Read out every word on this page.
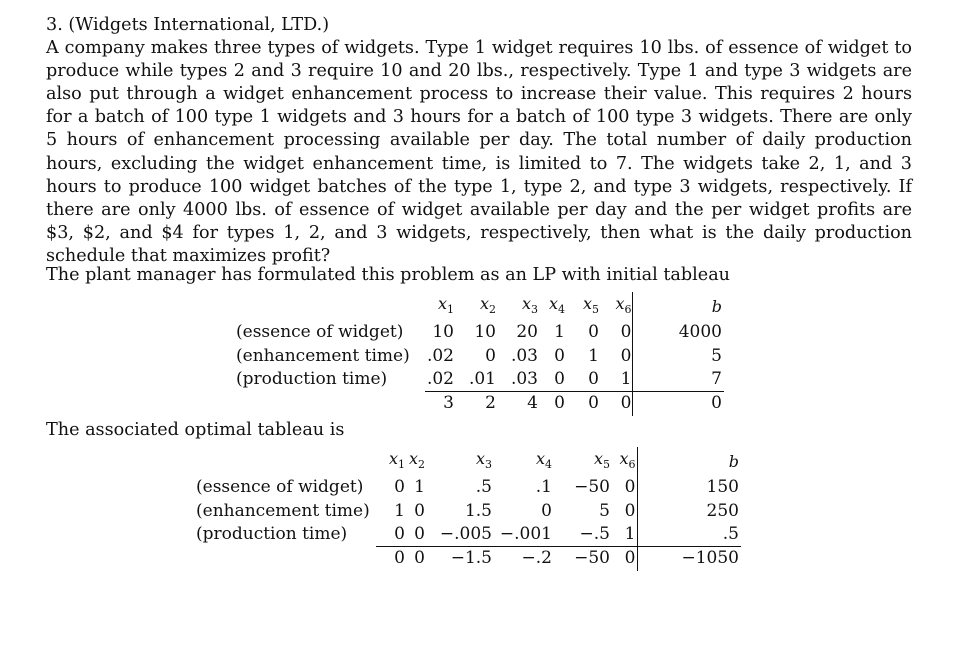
3. (Widgets International, LTD.)
A company makes three types of widgets. Type 1 widget requires 10 lbs. of essence of widget to produce while types 2 and 3 require 10 and 20 lbs., respectively. Type 1 and type 3 widgets are also put through a widget enhancement process to increase their value. This requires 2 hours for a batch of 100 type 1 widgets and 3 hours for a batch of 100 type 3 widgets. There are only 5 hours of enhancement processing available per day. The total number of daily production hours, excluding the widget enhancement time, is limited to 7. The widgets take 2, 1, and 3 hours to produce 100 widget batches of the type 1, type 2, and type 3 widgets, respectively. If there are only 4000 lbs. of essence of widget available per day and the per widget profits are $3, $2, and $4 for types 1, 2, and 3 widgets, respectively, then what is the daily production schedule that maximizes profit?
The plant manager has formulated this problem as an LP with initial tableau
	$x_1$	$x_2$	$x_3$	$x_4$	$x_5$	$x_6$	b
(essence of widget)	10	10	20	1	0	0	4000
(enhancement time)	.02	0	.03	0	1	0	5
(production time)	.02	.01	.03	0	0	1	7
	3	2	4	0	0	0	0
The associated optimal tableau is
	$x_1$	$x_2$	$x_3$	$x_4$	$x_5$	$x_6$	b
(essence of widget)	0	1	.5	.1	−50	0	150
(enhancement time)	1	0	1.5	0	5	0	250
(production time)	0	0	−.005	−.001	−.5	1	.5
	0	0	−1.5	−.2	−50	0	−1050
